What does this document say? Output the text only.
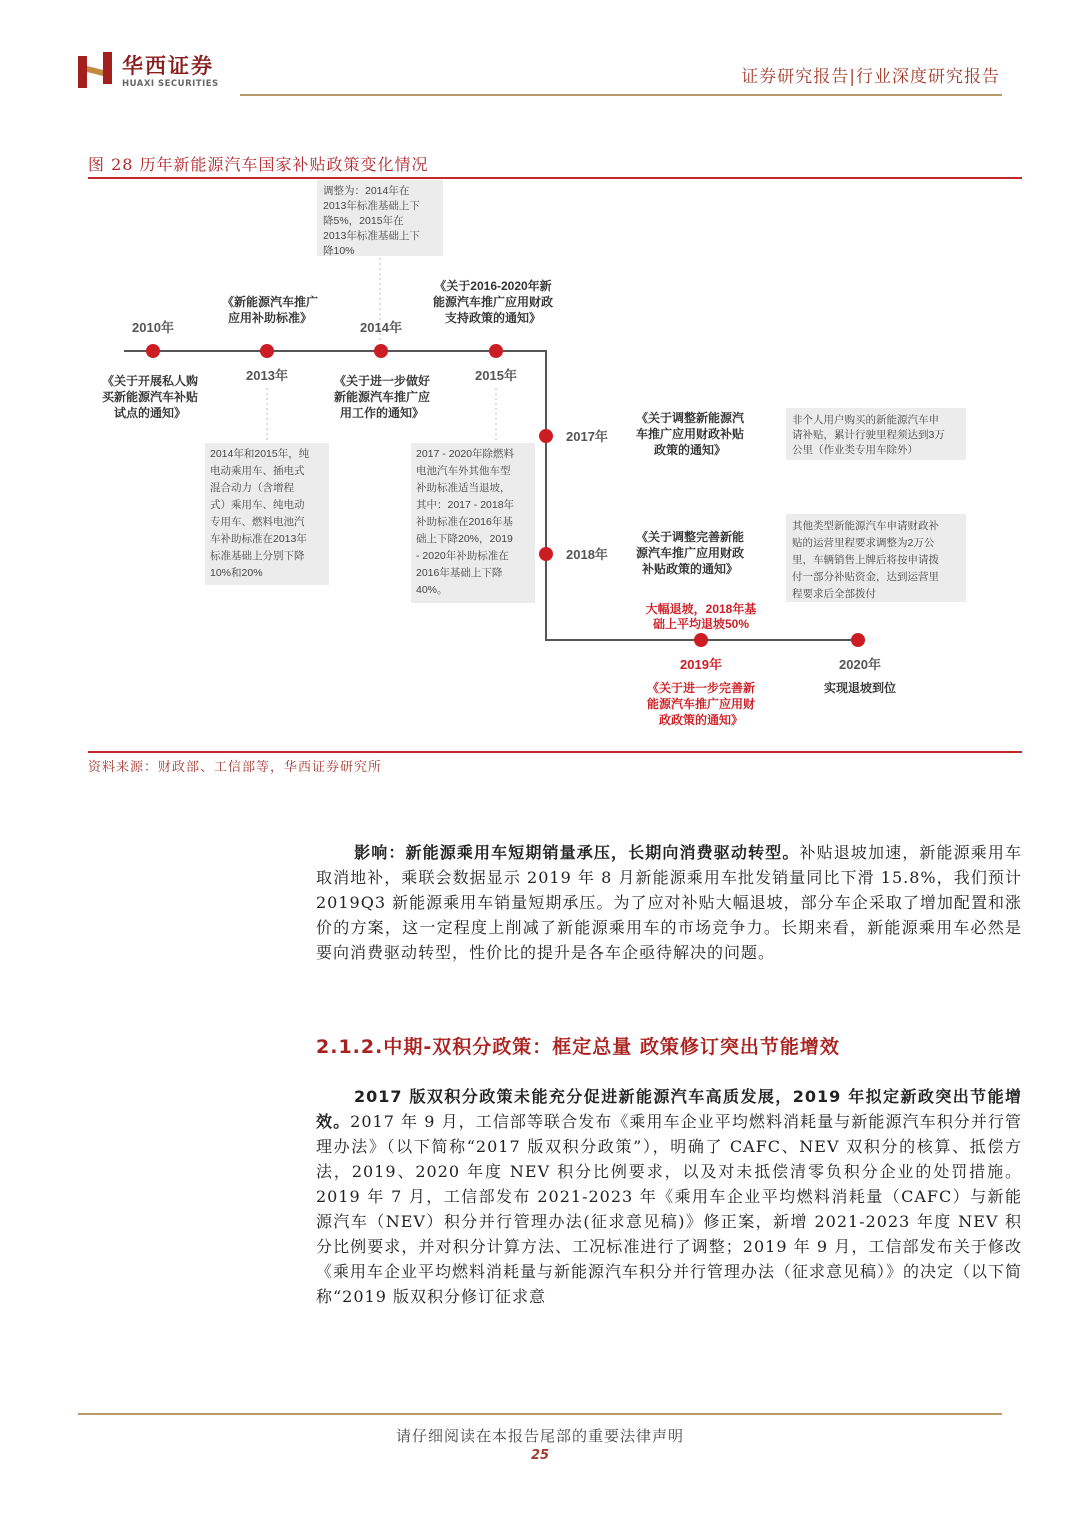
华西证券
HUAXI SECURITIES	证券研究报告|行业深度研究报告
图 28 历年新能源汽车国家补贴政策变化情况
2010年
2013年
2014年
2015年
2017年
2018年
2019年	2020年
调整为：2014年在
2013年标准基础上下
降5%，2015年在
2013年标准基础上下
降10%
2014年和2015年，纯
电动乘用车、插电式
混合动力（含增程
式）乘用车、纯电动
专用车、燃料电池汽
车补助标准在2013年
标准基础上分别下降
10%和20%
2017 - 2020年除燃料
电池汽车外其他车型
补助标准适当退坡，
其中：2017 - 2018年
补助标准在2016年基
础上下降20%，2019
- 2020年补助标准在
2016年基础上下降
40%。
非个人用户购买的新能源汽车申
请补贴，累计行驶里程须达到3万
公里（作业类专用车除外）
其他类型新能源汽车申请财政补
贴的运营里程要求调整为2万公
里，车辆销售上牌后将按申请拨
付一部分补贴资金，达到运营里
程要求后全部拨付
《关于开展私人购
买新能源汽车补贴
试点的通知》
《新能源汽车推广
应用补助标准》
《关于进一步做好
新能源汽车推广应
用工作的通知》
《关于2016-2020年新
能源汽车推广应用财政
支持政策的通知》
《关于调整新能源汽
车推广应用财政补贴
政策的通知》
《关于调整完善新能
源汽车推广应用财政
补贴政策的通知》
大幅退坡，2018年基
础上平均退坡50%
《关于进一步完善新
能源汽车推广应用财
政政策的通知》
实现退坡到位
资料来源：财政部、工信部等，华西证券研究所
影响：新能源乘用车短期销量承压，长期向消费驱动转型。补贴退坡加速，新能源乘用车取消地补，乘联会数据显示 2019 年 8 月新能源乘用车批发销量同比下滑 15.8%，我们预计 2019Q3 新能源乘用车销量短期承压。为了应对补贴大幅退坡，部分车企采取了增加配置和涨价的方案，这一定程度上削减了新能源乘用车的市场竞争力。长期来看，新能源乘用车必然是要向消费驱动转型，性价比的提升是各车企亟待解决的问题。
2.1.2.中期-双积分政策：框定总量 政策修订突出节能增效
2017 版双积分政策未能充分促进新能源汽车高质发展，2019 年拟定新政突出节能增效。2017 年 9 月，工信部等联合发布《乘用车企业平均燃料消耗量与新能源汽车积分并行管理办法》（以下简称“2017 版双积分政策”），明确了 CAFC、NEV 双积分的核算、抵偿方法，2019、2020 年度 NEV 积分比例要求，以及对未抵偿清零负积分企业的处罚措施。2019 年 7 月，工信部发布 2021-2023 年《乘用车企业平均燃料消耗量（CAFC）与新能源汽车（NEV）积分并行管理办法(征求意见稿)》修正案，新增 2021-2023 年度 NEV 积分比例要求，并对积分计算方法、工况标准进行了调整；2019 年 9 月，工信部发布关于修改《乘用车企业平均燃料消耗量与新能源汽车积分并行管理办法（征求意见稿）》的决定（以下简称“2019 版双积分修订征求意
请仔细阅读在本报告尾部的重要法律声明
25
